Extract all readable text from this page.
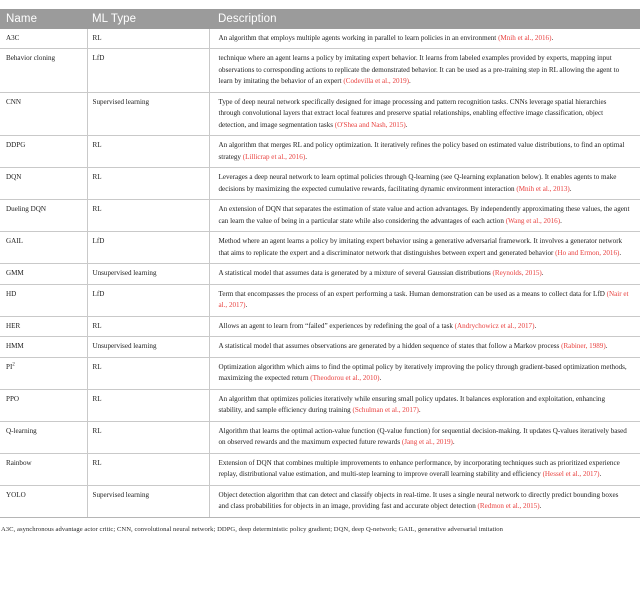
Name	ML Type	Description
A3C	RL	An algorithm that employs multiple agents working in parallel to learn policies in an environment (Mnih et al., 2016).
Behavior cloning	LfD	technique where an agent learns a policy by imitating expert behavior. It learns from labeled examples provided by experts, mapping input observations to corresponding actions to replicate the demonstrated behavior. It can be used as a pre-training step in RL allowing the agent to learn by imitating the behavior of an expert (Codevilla et al., 2019).
CNN	Supervised learning	Type of deep neural network specifically designed for image processing and pattern recognition tasks. CNNs leverage spatial hierarchies through convolutional layers that extract local features and preserve spatial relationships, enabling effective image classification, object detection, and image segmentation tasks (O'Shea and Nash, 2015).
DDPG	RL	An algorithm that merges RL and policy optimization. It iteratively refines the policy based on estimated value distributions, to find an optimal strategy (Lillicrap et al., 2016).
DQN	RL	Leverages a deep neural network to learn optimal policies through Q-learning (see Q-learning explanation below). It enables agents to make decisions by maximizing the expected cumulative rewards, facilitating dynamic environment interaction (Mnih et al., 2013).
Dueling DQN	RL	An extension of DQN that separates the estimation of state value and action advantages. By independently approximating these values, the agent can learn the value of being in a particular state while also considering the advantages of each action (Wang et al., 2016).
GAIL	LfD	Method where an agent learns a policy by imitating expert behavior using a generative adversarial framework. It involves a generator network that aims to replicate the expert and a discriminator network that distinguishes between expert and generated behavior (Ho and Ermon, 2016).
GMM	Unsupervised learning	A statistical model that assumes data is generated by a mixture of several Gaussian distributions (Reynolds, 2015).
HD	LfD	Term that encompasses the process of an expert performing a task. Human demonstration can be used as a means to collect data for LfD (Nair et al., 2017).
HER	RL	Allows an agent to learn from “failed” experiences by redefining the goal of a task (Andrychowicz et al., 2017).
HMM	Unsupervised learning	A statistical model that assumes observations are generated by a hidden sequence of states that follow a Markov process (Rabiner, 1989).
$PI^2$	RL	Optimization algorithm which aims to find the optimal policy by iteratively improving the policy through gradient-based optimization methods, maximizing the expected return (Theodorou et al., 2010).
PPO	RL	An algorithm that optimizes policies iteratively while ensuring small policy updates. It balances exploration and exploitation, enhancing stability, and sample efficiency during training (Schulman et al., 2017).
Q-learning	RL	Algorithm that learns the optimal action-value function (Q-value function) for sequential decision-making. It updates Q-values iteratively based on observed rewards and the maximum expected future rewards (Jang et al., 2019).
Rainbow	RL	Extension of DQN that combines multiple improvements to enhance performance, by incorporating techniques such as prioritized experience replay, distributional value estimation, and multi-step learning to improve overall learning stability and efficiency (Hessel et al., 2017).
YOLO	Supervised learning	Object detection algorithm that can detect and classify objects in real-time. It uses a single neural network to directly predict bounding boxes and class probabilities for objects in an image, providing fast and accurate object detection (Redmon et al., 2015).
A3C, asynchronous advantage actor critic; CNN, convolutional neural network; DDPG, deep deterministic policy gradient; DQN, deep Q-network; GAIL, generative adversarial imitation
